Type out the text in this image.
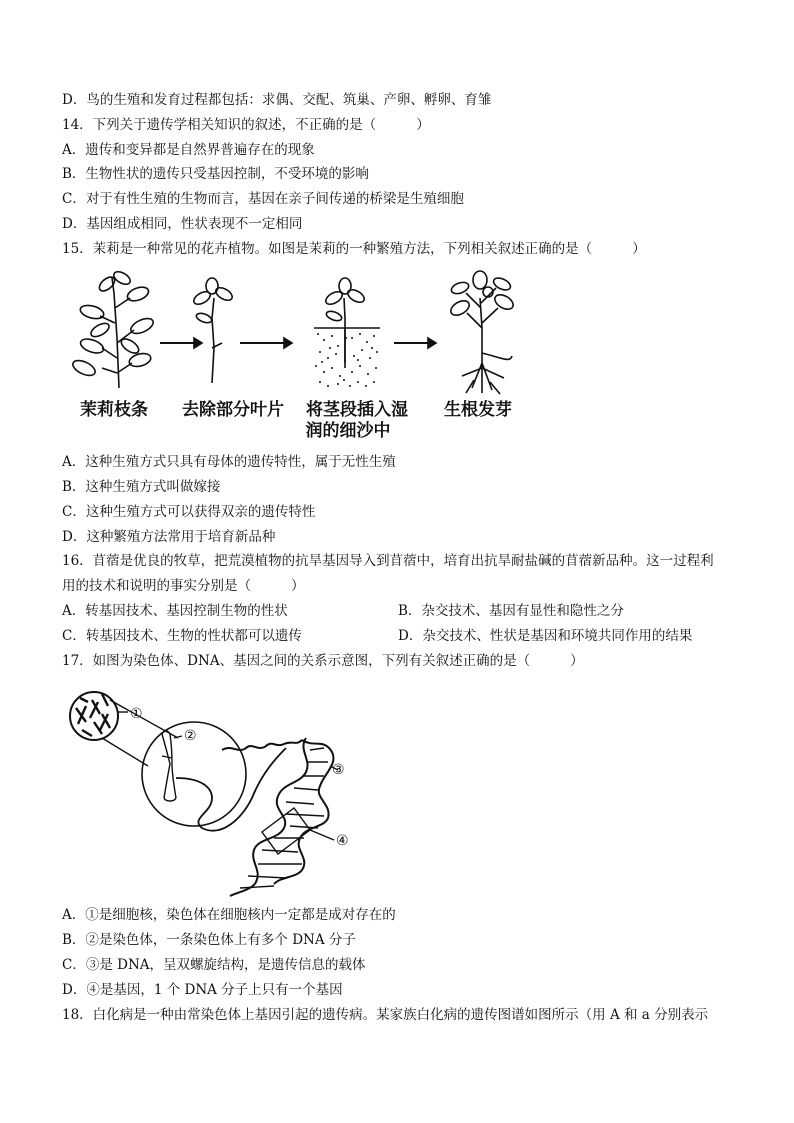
D．鸟的生殖和发育过程都包括：求偶、交配、筑巢、产卵、孵卵、育雏
14．下列关于遗传学相关知识的叙述，不正确的是（	）
A．遗传和变异都是自然界普遍存在的现象
B．生物性状的遗传只受基因控制，不受环境的影响
C．对于有性生殖的生物而言，基因在亲子间传递的桥梁是生殖细胞
D．基因组成相同，性状表现不一定相同
15．茉莉是一种常见的花卉植物。如图是茉莉的一种繁殖方法，下列相关叙述正确的是（	）
茉莉枝条	去除部分叶片	将茎段插入湿
润的细沙中
生根发芽
A．这种生殖方式只具有母体的遗传特性，属于无性生殖
B．这种生殖方式叫做嫁接
C．这种生殖方式可以获得双亲的遗传特性
D．这种繁殖方法常用于培育新品种
16．苜蓿是优良的牧草，把荒漠植物的抗旱基因导入到苜蓿中，培育出抗旱耐盐碱的苜蓿新品种。这一过程利
用的技术和说明的事实分别是（	）
A．转基因技术、基因控制生物的性状	B．杂交技术、基因有显性和隐性之分
C．转基因技术、生物的性状都可以遗传	D．杂交技术、性状是基因和环境共同作用的结果
17．如图为染色体、DNA、基因之间的关系示意图，下列有关叙述正确的是（	）
①
②
③
④
A．①是细胞核，染色体在细胞核内一定都是成对存在的
B．②是染色体，一条染色体上有多个 DNA 分子
C．③是 DNA，呈双螺旋结构，是遗传信息的载体
D．④是基因，1 个 DNA 分子上只有一个基因
18．白化病是一种由常染色体上基因引起的遗传病。某家族白化病的遗传图谱如图所示（用 A 和 a 分别表示
